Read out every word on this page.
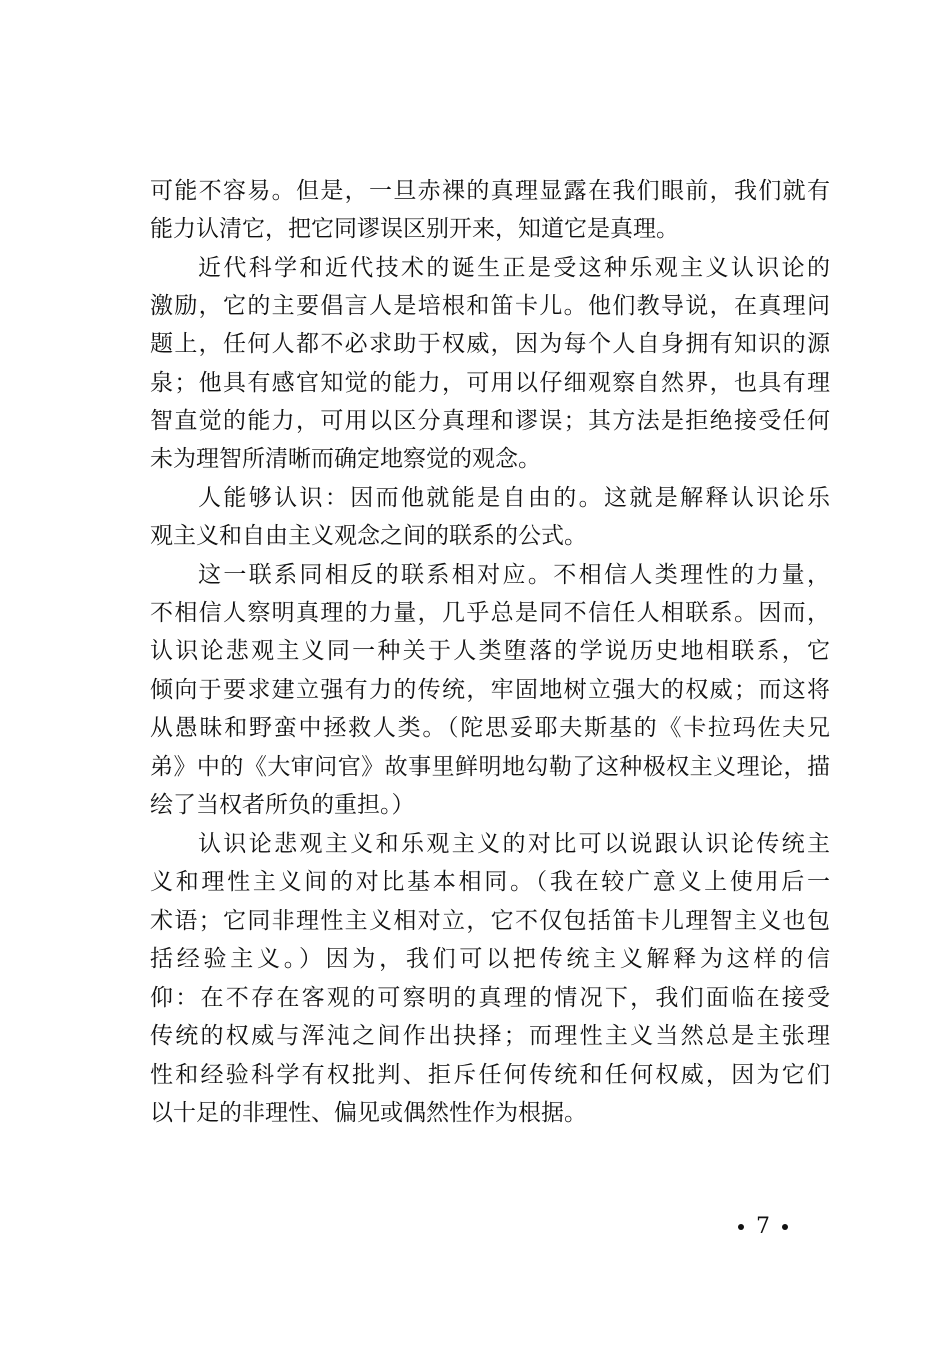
可能不容易。但是，一旦赤裸的真理显露在我们眼前，我们就有
能力认清它，把它同谬误区别开来，知道它是真理。
近代科学和近代技术的诞生正是受这种乐观主义认识论的
激励，它的主要倡言人是培根和笛卡儿。他们教导说，在真理问
题上，任何人都不必求助于权威，因为每个人自身拥有知识的源
泉；他具有感官知觉的能力，可用以仔细观察自然界，也具有理
智直觉的能力，可用以区分真理和谬误；其方法是拒绝接受任何
未为理智所清晰而确定地察觉的观念。
人能够认识：因而他就能是自由的。这就是解释认识论乐
观主义和自由主义观念之间的联系的公式。
这一联系同相反的联系相对应。不相信人类理性的力量，
不相信人察明真理的力量，几乎总是同不信任人相联系。因而，
认识论悲观主义同一种关于人类堕落的学说历史地相联系，它
倾向于要求建立强有力的传统，牢固地树立强大的权威；而这将
从愚昧和野蛮中拯救人类。（陀思妥耶夫斯基的《卡拉玛佐夫兄
弟》中的《大审问官》故事里鲜明地勾勒了这种极权主义理论，描
绘了当权者所负的重担。）
认识论悲观主义和乐观主义的对比可以说跟认识论传统主
义和理性主义间的对比基本相同。（我在较广意义上使用后一
术语；它同非理性主义相对立，它不仅包括笛卡儿理智主义也包
括经验主义。）因为，我们可以把传统主义解释为这样的信
仰：在不存在客观的可察明的真理的情况下，我们面临在接受
传统的权威与浑沌之间作出抉择；而理性主义当然总是主张理
性和经验科学有权批判、拒斥任何传统和任何权威，因为它们
以十足的非理性、偏见或偶然性作为根据。
7
